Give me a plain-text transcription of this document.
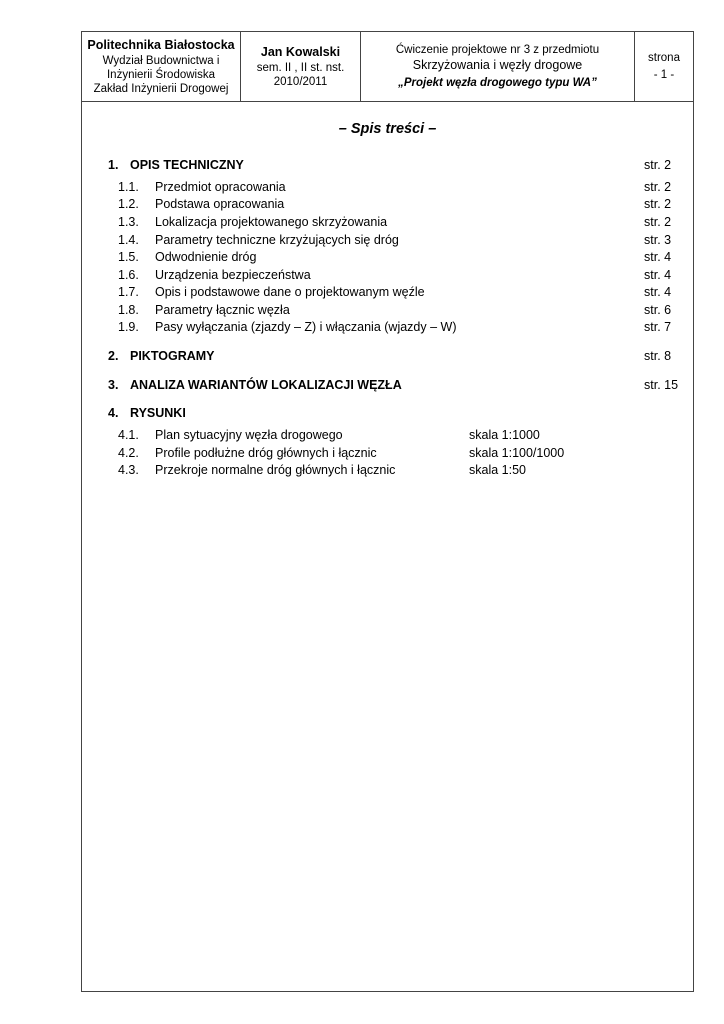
Politechnika Białostocka
Wydział Budownictwa i
Inżynierii Środowiska
Zakład Inżynierii Drogowej
Jan Kowalski
sem. II , II st. nst.
2010/2011
Ćwiczenie projektowe nr 3 z przedmiotu
Skrzyżowania i węzły drogowe
„Projekt węzła drogowego typu WA”
strona
- 1 -
– Spis treści –
1. OPIS TECHNICZNY	str. 2
1.1. Przedmiot opracowania	str. 2
1.2. Podstawa opracowania	str. 2
1.3. Lokalizacja projektowanego skrzyżowania	str. 2
1.4. Parametry techniczne krzyżujących się dróg	str. 3
1.5. Odwodnienie dróg	str. 4
1.6. Urządzenia bezpieczeństwa	str. 4
1.7. Opis i podstawowe dane o projektowanym węźle	str. 4
1.8. Parametry łącznic węzła	str. 6
1.9. Pasy wyłączania (zjazdy – Z) i włączania (wjazdy – W)	str. 7
2. PIKTOGRAMY	str. 8
3. ANALIZA WARIANTÓW LOKALIZACJI WĘZŁA	str. 15
4. RYSUNKI
4.1. Plan sytuacyjny węzła drogowego	skala 1:1000
4.2. Profile podłużne dróg głównych i łącznic	skala 1:100/1000
4.3. Przekroje normalne dróg głównych i łącznic	skala 1:50
